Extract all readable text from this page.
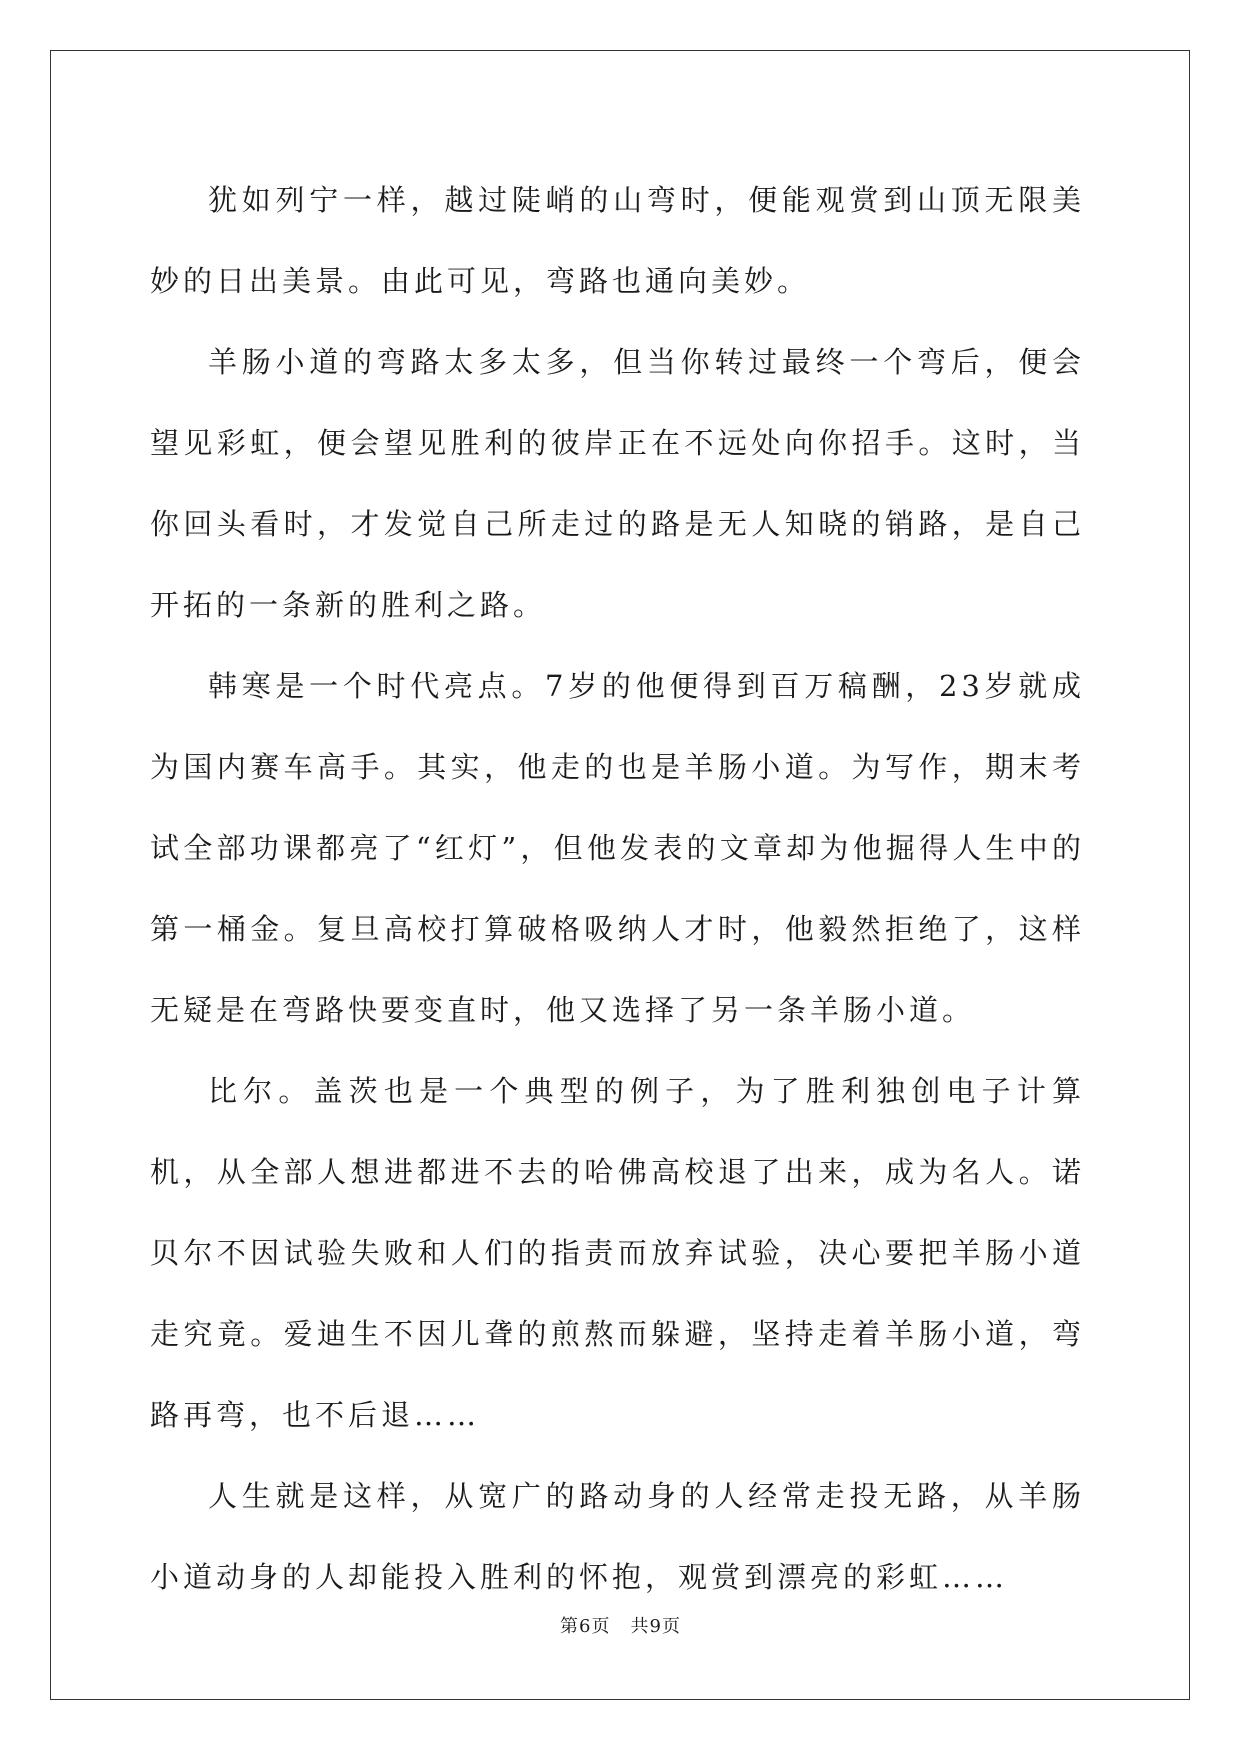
犹如列宁一样，越过陡峭的山弯时，便能观赏到山顶无限美妙的日出美景。由此可见，弯路也通向美妙。

羊肠小道的弯路太多太多，但当你转过最终一个弯后，便会望见彩虹，便会望见胜利的彼岸正在不远处向你招手。这时，当你回头看时，才发觉自己所走过的路是无人知晓的销路，是自己开拓的一条新的胜利之路。

韩寒是一个时代亮点。7岁的他便得到百万稿酬，23岁就成为国内赛车高手。其实，他走的也是羊肠小道。为写作，期末考试全部功课都亮了“红灯”，但他发表的文章却为他掘得人生中的第一桶金。复旦高校打算破格吸纳人才时，他毅然拒绝了，这样无疑是在弯路快要变直时，他又选择了另一条羊肠小道。

比尔。盖茨也是一个典型的例子，为了胜利独创电子计算机，从全部人想进都进不去的哈佛高校退了出来，成为名人。诺贝尔不因试验失败和人们的指责而放弃试验，决心要把羊肠小道走究竟。爱迪生不因儿聋的煎熬而躲避，坚持走着羊肠小道，弯路再弯，也不后退……

人生就是这样，从宽广的路动身的人经常走投无路，从羊肠小道动身的人却能投入胜利的怀抱，观赏到漂亮的彩虹……

第6页 共9页
